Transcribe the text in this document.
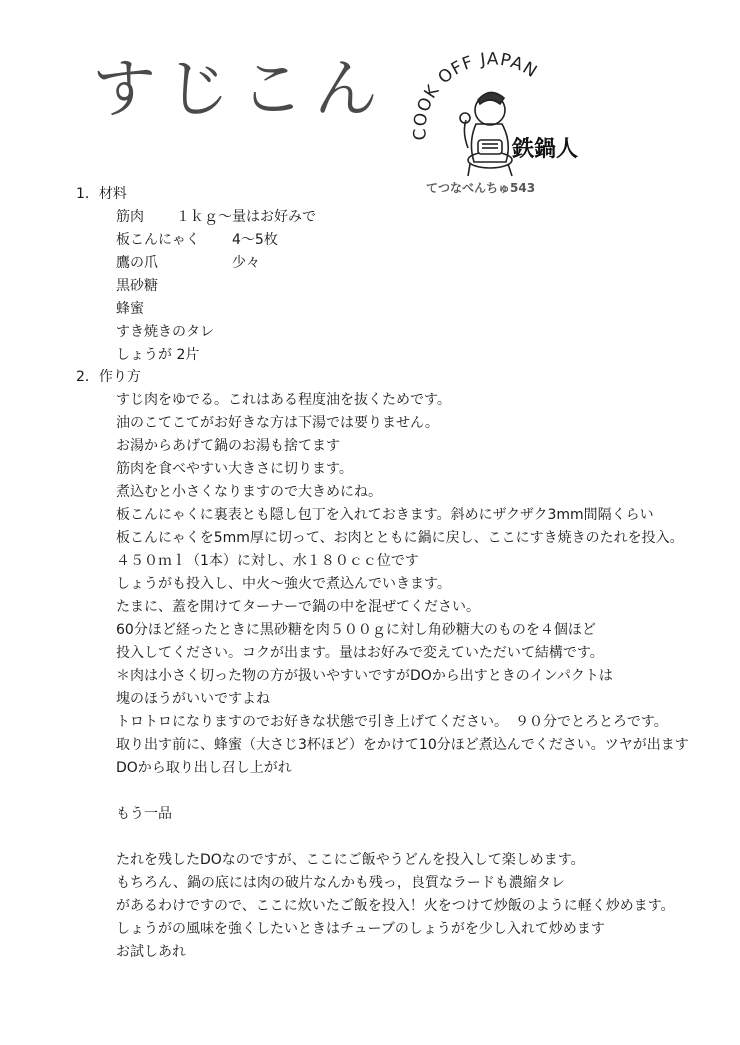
すじこん
COOK OFF JAPAN
鉄鍋人
てつなべんちゅ543
1．材料
筋肉 １ｋｇ～量はお好みで
板こんにゃく 4～5枚
鷹の爪	少々
黒砂糖
蜂蜜
すき焼きのタレ
しょうが 2片
2．作り方
すじ肉をゆでる。これはある程度油を抜くためです。
油のこてこてがお好きな方は下湯では要りません。
お湯からあげて鍋のお湯も捨てます
筋肉を食べやすい大きさに切ります。
煮込むと小さくなりますので大きめにね。
板こんにゃくに裏表とも隠し包丁を入れておきます。斜めにザクザク3mm間隔くらい
板こんにゃくを5mm厚に切って、お肉とともに鍋に戻し、ここにすき焼きのたれを投入。
４５０ｍｌ（1本）に対し、水１８０ｃｃ位です
しょうがも投入し、中火～強火で煮込んでいきます。
たまに、蓋を開けてターナーで鍋の中を混ぜてください。
60分ほど経ったときに黒砂糖を肉５００ｇに対し角砂糖大のものを４個ほど
投入してください。コクが出ます。量はお好みで変えていただいて結構です。
＊肉は小さく切った物の方が扱いやすいですがDOから出すときのインパクトは
塊のほうがいいですよね
トロトロになりますのでお好きな状態で引き上げてください。　９０分でとろとろです。
取り出す前に、蜂蜜（大さじ3杯ほど）をかけて10分ほど煮込んでください。ツヤが出ます
DOから取り出し召し上がれ
もう一品
たれを残したDOなのですが、ここにご飯やうどんを投入して楽しめます。
もちろん、鍋の底には肉の破片なんかも残っ，良質なラードも濃縮タレ
があるわけですので、ここに炊いたご飯を投入！火をつけて炒飯のように軽く炒めます。
しょうがの風味を強くしたいときはチューブのしょうがを少し入れて炒めます
お試しあれ
